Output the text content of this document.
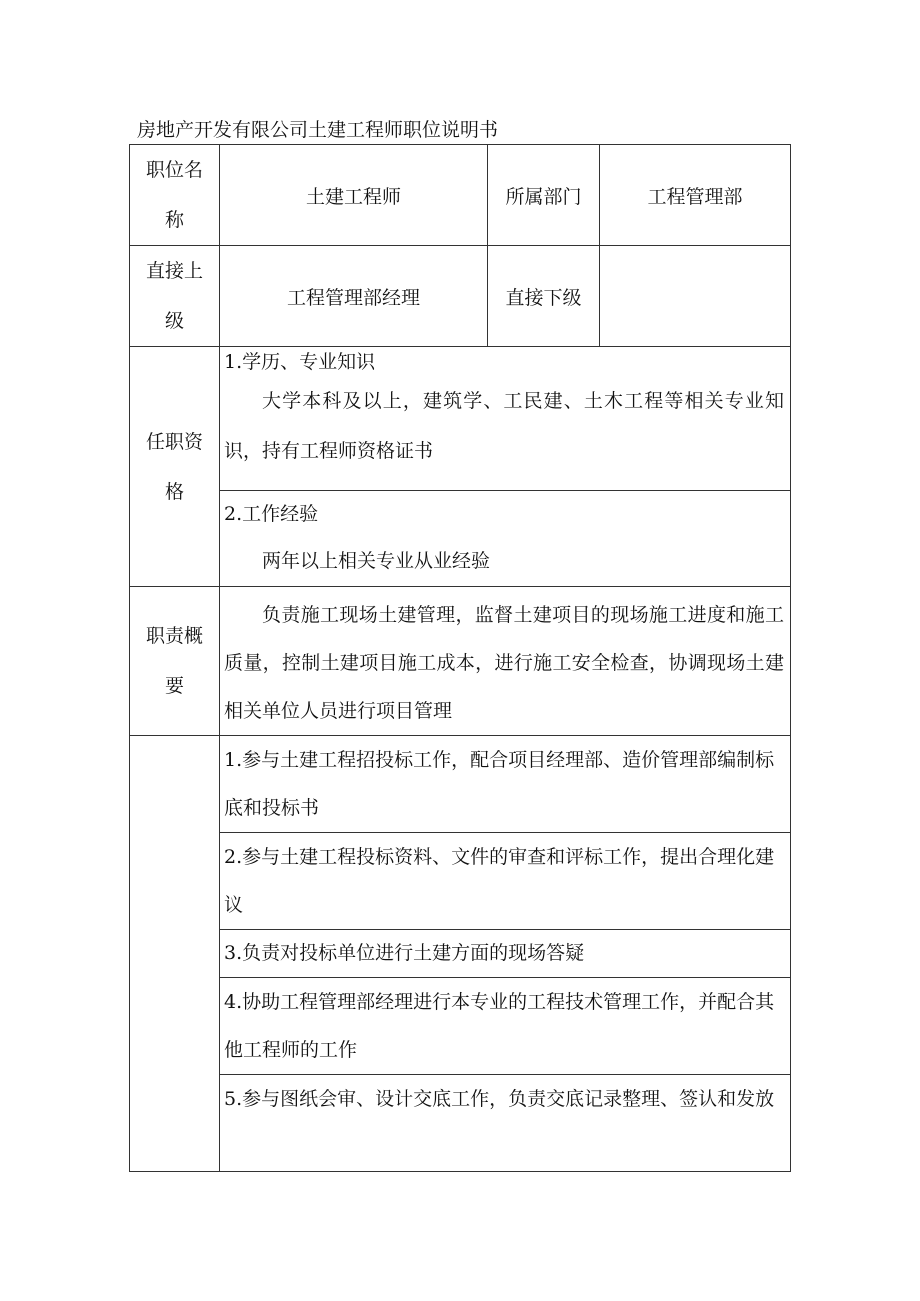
房地产开发有限公司土建工程师职位说明书
职位名称	土建工程师	所属部门	工程管理部
直接上级	工程管理部经理	直接下级	
任职资格	1.学历、专业知识
大学本科及以上，建筑学、工民建、土木工程等相关专业知识，持有工程师资格证书		

	2.工作经验
两年以上相关专业从业经验		

职责概要	负责施工现场土建管理，监督土建项目的现场施工进度和施工质量，控制土建项目施工成本，进行施工安全检查，协调现场土建相关单位人员进行项目管理		

	1.参与土建工程招投标工作，配合项目经理部、造价管理部编制标底和投标书		
	2.参与土建工程投标资料、文件的审查和评标工作，提出合理化建议		
	3.负责对投标单位进行土建方面的现场答疑		
	4.协助工程管理部经理进行本专业的工程技术管理工作，并配合其他工程师的工作		
	5.参与图纸会审、设计交底工作，负责交底记录整理、签认和发放		
